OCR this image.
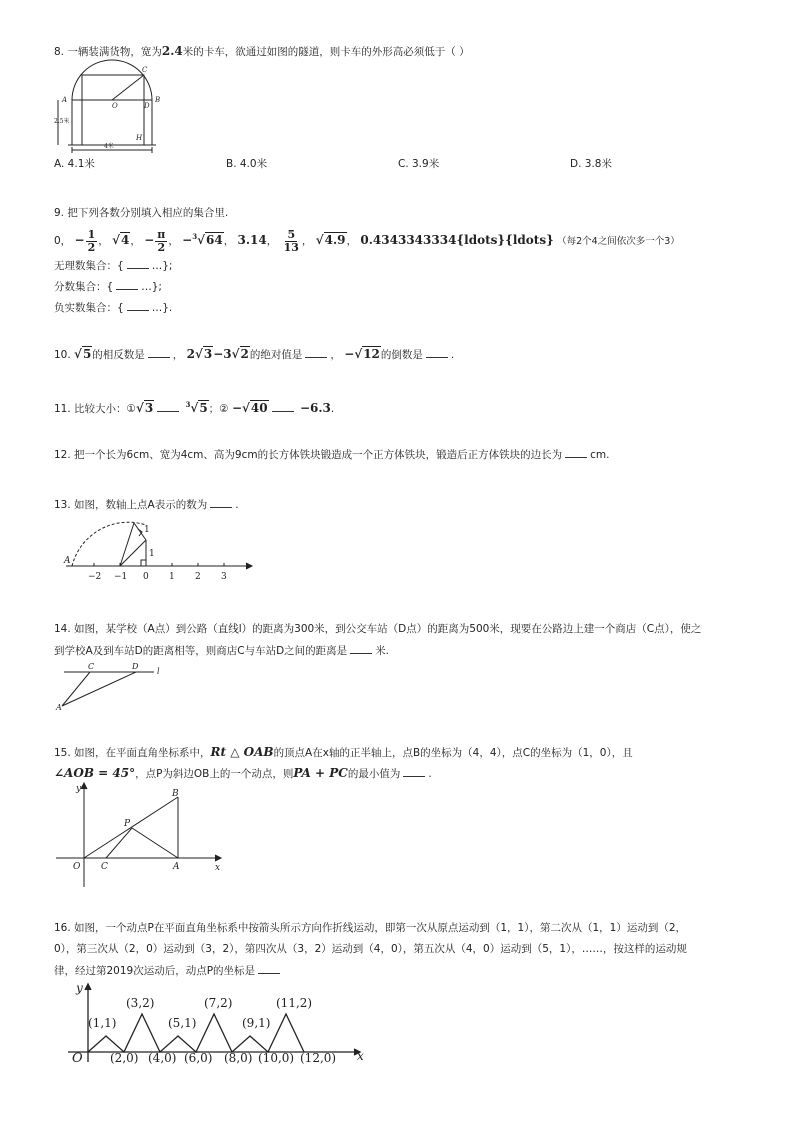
8. 一辆装满货物，宽为2.4米的卡车，欲通过如图的隧道，则卡车的外形高必须低于（ ）
C
A	B
O	D
H
2.5米
4米
A. 4.1米	B. 4.0米	C. 3.9米	D. 3.8米
9. 把下列各数分别填入相应的集合里.
0， − $\frac{1}{2}$ ， √4， − $\frac{\pi}{2}$ ， −$^3$√64， 3.14， $\frac{5}{13}$ ， √4.9， 0.4343343334{ldots}{ldots} （每2个4之间依次多一个3）
无理数集合：{	…};
分数集合：{	…};
负实数集合：{	…}.
10. √5的相反数是	， 2√3−3√2的绝对值是	， −√12的倒数是	.
11. 比较大小：①√3	$^3$√5；② −√40	−6.3.
12. 把一个长为6cm、宽为4cm、高为9cm的长方体铁块锻造成一个正方体铁块，锻造后正方体铁块的边长为	cm.
13. 如图，数轴上点A表示的数为	.
A
1
1
−2 −1 0 1 2 3
14. 如图，某学校（A点）到公路（直线l）的距离为300米，到公交车站（D点）的距离为500米，现要在公路边上建一个商店（C点），使之
到学校A及到车站D的距离相等，则商店C与车站D之间的距离是	米.
C	D
l
A
15. 如图，在平面直角坐标系中，Rt △ OAB的顶点A在x轴的正半轴上，点B的坐标为（4，4），点C的坐标为（1，0），且
∠AOB = 45°，点P为斜边OB上的一个动点，则PA + PC的最小值为	.
y
x
O C	A
B
P
16. 如图，一个动点P在平面直角坐标系中按箭头所示方向作折线运动，即第一次从原点运动到（1，1），第二次从（1，1）运动到（2，
0），第三次从（2，0）运动到（3，2），第四次从（3，2）运动到（4，0），第五次从（4，0）运动到（5，1），……，按这样的运动规
律，经过第2019次运动后，动点P的坐标是
y
x
O
(1,1)
(3,2)
(5,1)
(7,2)
(9,1)
(11,2)
(2,0) (4,0) (6,0) (8,0) (10,0) (12,0)
